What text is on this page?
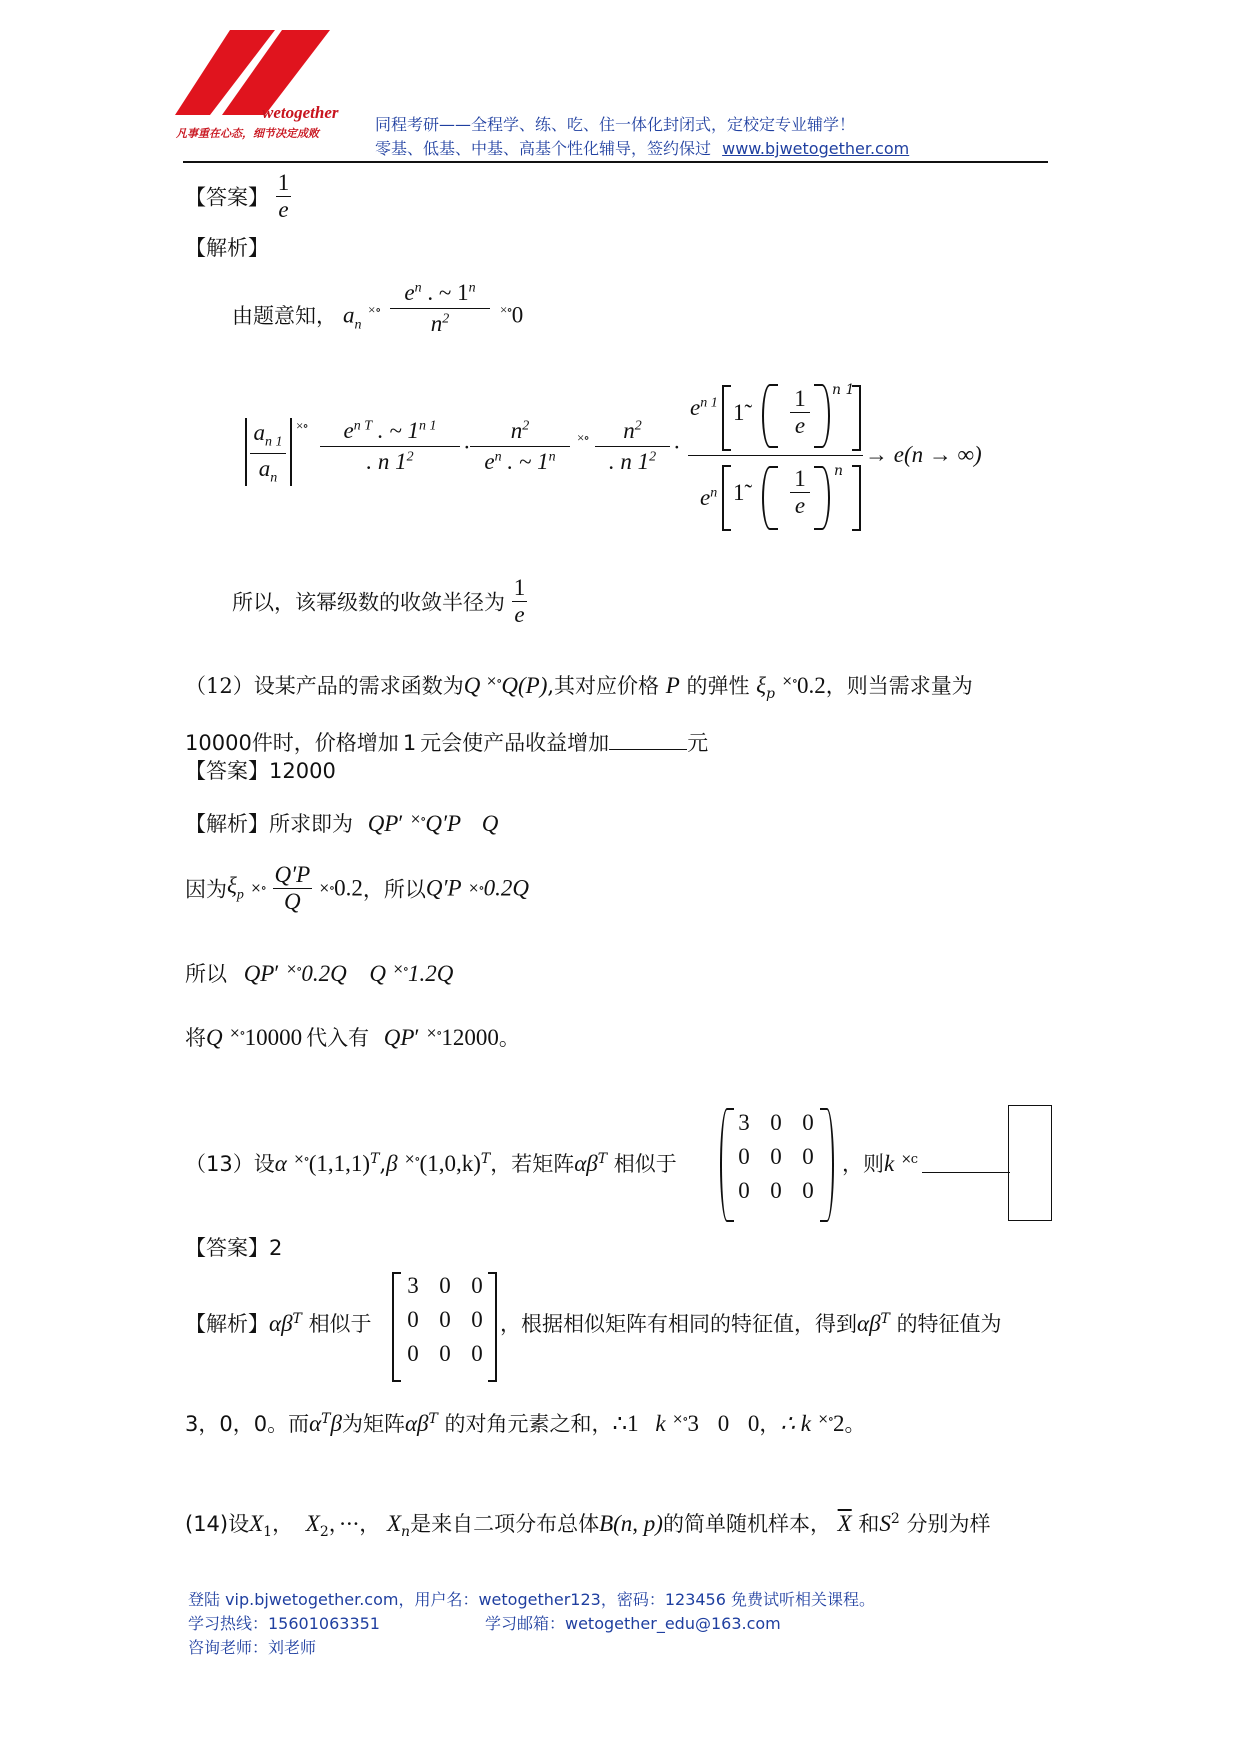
wetogether
凡事重在心态，细节决定成败	同程考研——全程学、练、吃、住一体化封闭式，定校定专业辅学！
零基、低基、中基、高基个性化辅导，签约保过 www.bjwetogether.com
【答案】 $\frac{1}{e}$
【解析】
由题意知， $a_n$ ×∘
$e^n$ . ~ 1$^n$
$n^2$
×∘0
$a_{n 1}$
$a_n$
×∘	$e^{n T}$ . ~ $1^{n 1}$
. n $1^2$	·
$n^2$
$e^n$ . ~ 1$^n$
×∘	$n^2$
. n $1^2$ ·
$e^{n 1}$ 1̃
1
e
n 1
$e^n$ 1̃
1
e
n
→ e(n → ∞)
所以，该幂级数的收敛半径为 $\frac{1}{e}$
（12）设某产品的需求函数为Q ×∘Q(P),其对应价格 P 的弹性 $\xi_p$ ×∘0.2，则当需求量为
10000件时，价格增加 1 元会使产品收益增加	元
【答案】12000
【解析】所求即为 QP′ ×∘Q′P Q
因为$\xi_p$ ×∘ $\frac{Q'P}{Q}$ ×∘0.2，所以Q′P ×∘0.2Q
所以 QP′ ×∘0.2Q Q ×∘1.2Q
将Q ×∘10000 代入有 QP′ ×∘12000。
（13）设α $^{\times\circ}(1,1,1)^T,\beta$ $^{\times\circ}(1,0,k)^T$，若矩阵$\alpha\beta^T$ 相似于
3 0 0
0 0 0
0 0 0
，则k $^{\times c}$
【答案】2
【解析】$\alpha\beta^T$ 相似于
3 0 0
0 0 0
0 0 0
，根据相似矩阵有相同的特征值，得到$\alpha\beta^T$ 的特征值为
3，0，0。而$\alpha^T\beta$为矩阵$\alpha\beta^T$ 的对角元素之和，∴1 k ×∘3 0 0，∴ k ×∘2。
(14)设$X_1$， $X_2$，···， $X_n$是来自二项分布总体B(n, p)的简单随机样本， $\overline{X}$ 和$S^2$ 分别为样
登陆 vip.bjwetogether.com，用户名：wetogether123，密码：123456 免费试听相关课程。
学习热线：15601063351	学习邮箱：wetogether_edu@163.com
咨询老师：刘老师
